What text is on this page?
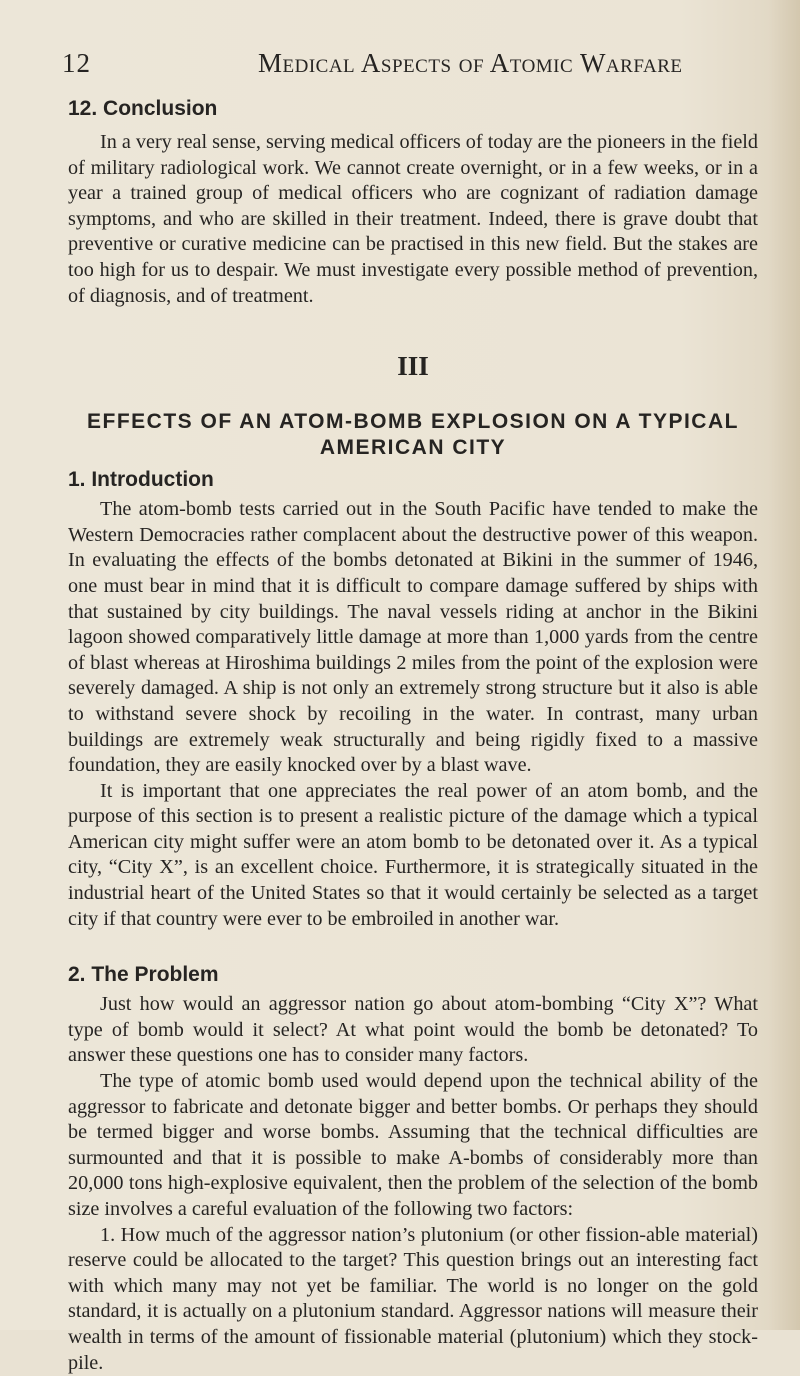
12	Medical Aspects of Atomic Warfare
12. Conclusion

In a very real sense, serving medical officers of today are the pioneers in the field of military radiological work. We cannot create overnight, or in a few weeks, or in a year a trained group of medical officers who are cognizant of radiation damage symptoms, and who are skilled in their treatment. Indeed, there is grave doubt that preventive or curative medicine can be practised in this new field. But the stakes are too high for us to despair. We must investigate every possible method of prevention, of diagnosis, and of treatment.

III
EFFECTS OF AN ATOM-BOMB EXPLOSION ON A TYPICAL
AMERICAN CITY
1. Introduction

The atom-bomb tests carried out in the South Pacific have tended to make the Western Democracies rather complacent about the destructive power of this weapon. In evaluating the effects of the bombs detonated at Bikini in the summer of 1946, one must bear in mind that it is difficult to compare damage suffered by ships with that sustained by city buildings. The naval vessels riding at anchor in the Bikini lagoon showed comparatively little damage at more than 1,000 yards from the centre of blast whereas at Hiroshima buildings 2 miles from the point of the explosion were severely damaged. A ship is not only an extremely strong structure but it also is able to withstand severe shock by recoiling in the water. In contrast, many urban buildings are extremely weak structurally and being rigidly fixed to a massive foundation, they are easily knocked over by a blast wave.

It is important that one appreciates the real power of an atom bomb, and the purpose of this section is to present a realistic picture of the damage which a typical American city might suffer were an atom bomb to be detonated over it. As a typical city, “City X”, is an excellent choice. Furthermore, it is strategically situated in the industrial heart of the United States so that it would certainly be selected as a target city if that country were ever to be embroiled in another war.

2. The Problem

Just how would an aggressor nation go about atom-bombing “City X”? What type of bomb would it select? At what point would the bomb be detonated? To answer these questions one has to consider many factors.

The type of atomic bomb used would depend upon the technical ability of the aggressor to fabricate and detonate bigger and better bombs. Or perhaps they should be termed bigger and worse bombs. Assuming that the technical difficulties are surmounted and that it is possible to make A-bombs of considerably more than 20,000 tons high-explosive equivalent, then the problem of the selection of the bomb size involves a careful evaluation of the following two factors:

1. How much of the aggressor nation’s plutonium (or other fission-able material) reserve could be allocated to the target? This question brings out an interesting fact with which many may not yet be familiar. The world is no longer on the gold standard, it is actually on a plutonium standard. Aggressor nations will measure their wealth in terms of the amount of fissionable material (plutonium) which they stock-pile.
